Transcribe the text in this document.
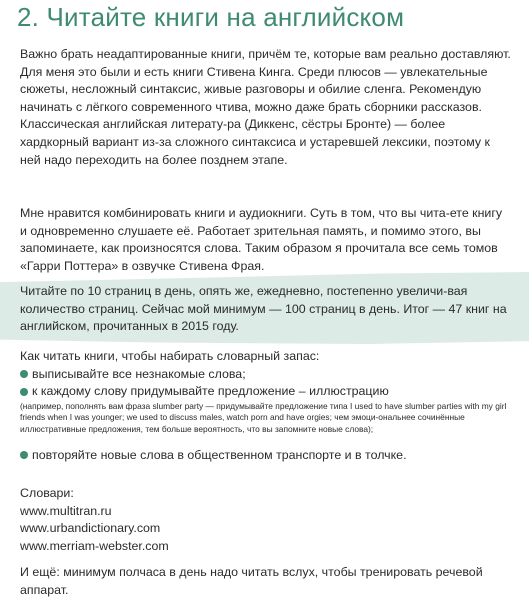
2. Читайте книги на английском

Важно брать неадаптированные книги, причём те, которые вам реально доставляют. Для меня это были и есть книги Стивена Кинга. Среди плюсов — увлекательные сюжеты, несложный синтаксис, живые разговоры и обилие сленга. Рекомендую начинать с лёгкого современного чтива, можно даже брать сборники рассказов. Классическая английская литерату-ра (Диккенс, сёстры Бронте) — более хардкорный вариант из-за сложного синтаксиса и устаревшей лексики, поэтому к ней надо переходить на более позднем этапе.

Мне нравится комбинировать книги и аудиокниги. Суть в том, что вы чита-ете книгу и одновременно слушаете её. Работает зрительная память, и помимо этого, вы запоминаете, как произносятся слова. Таким образом я прочитала все семь томов «Гарри Поттера» в озвучке Стивена Фрая.

Читайте по 10 страниц в день, опять же, ежедневно, постепенно увеличи-вая количество страниц. Сейчас мой минимум — 100 страниц в день. Итог — 47 книг на английском, прочитанных в 2015 году.

Как читать книги, чтобы набирать словарный запас:
выписывайте все незнакомые слова;
к каждому слову придумывайте предложение – иллюстрацию

(например, пополнять вам фраза slumber party — придумывайте предложение типа I used to have slumber parties with my girl friends when I was younger; we used to discuss males, watch porn and have orgies; чем эмоци-ональнее сочинённые иллюстративные предложения, тем больше вероятность, что вы запомните новые слова);

повторяйте новые слова в общественном транспорте и в толчке.
Словари:
www.multitran.ru
www.urbandictionary.com
www.merriam-webster.com

И ещё: минимум полчаса в день надо читать вслух, чтобы тренировать речевой аппарат.
